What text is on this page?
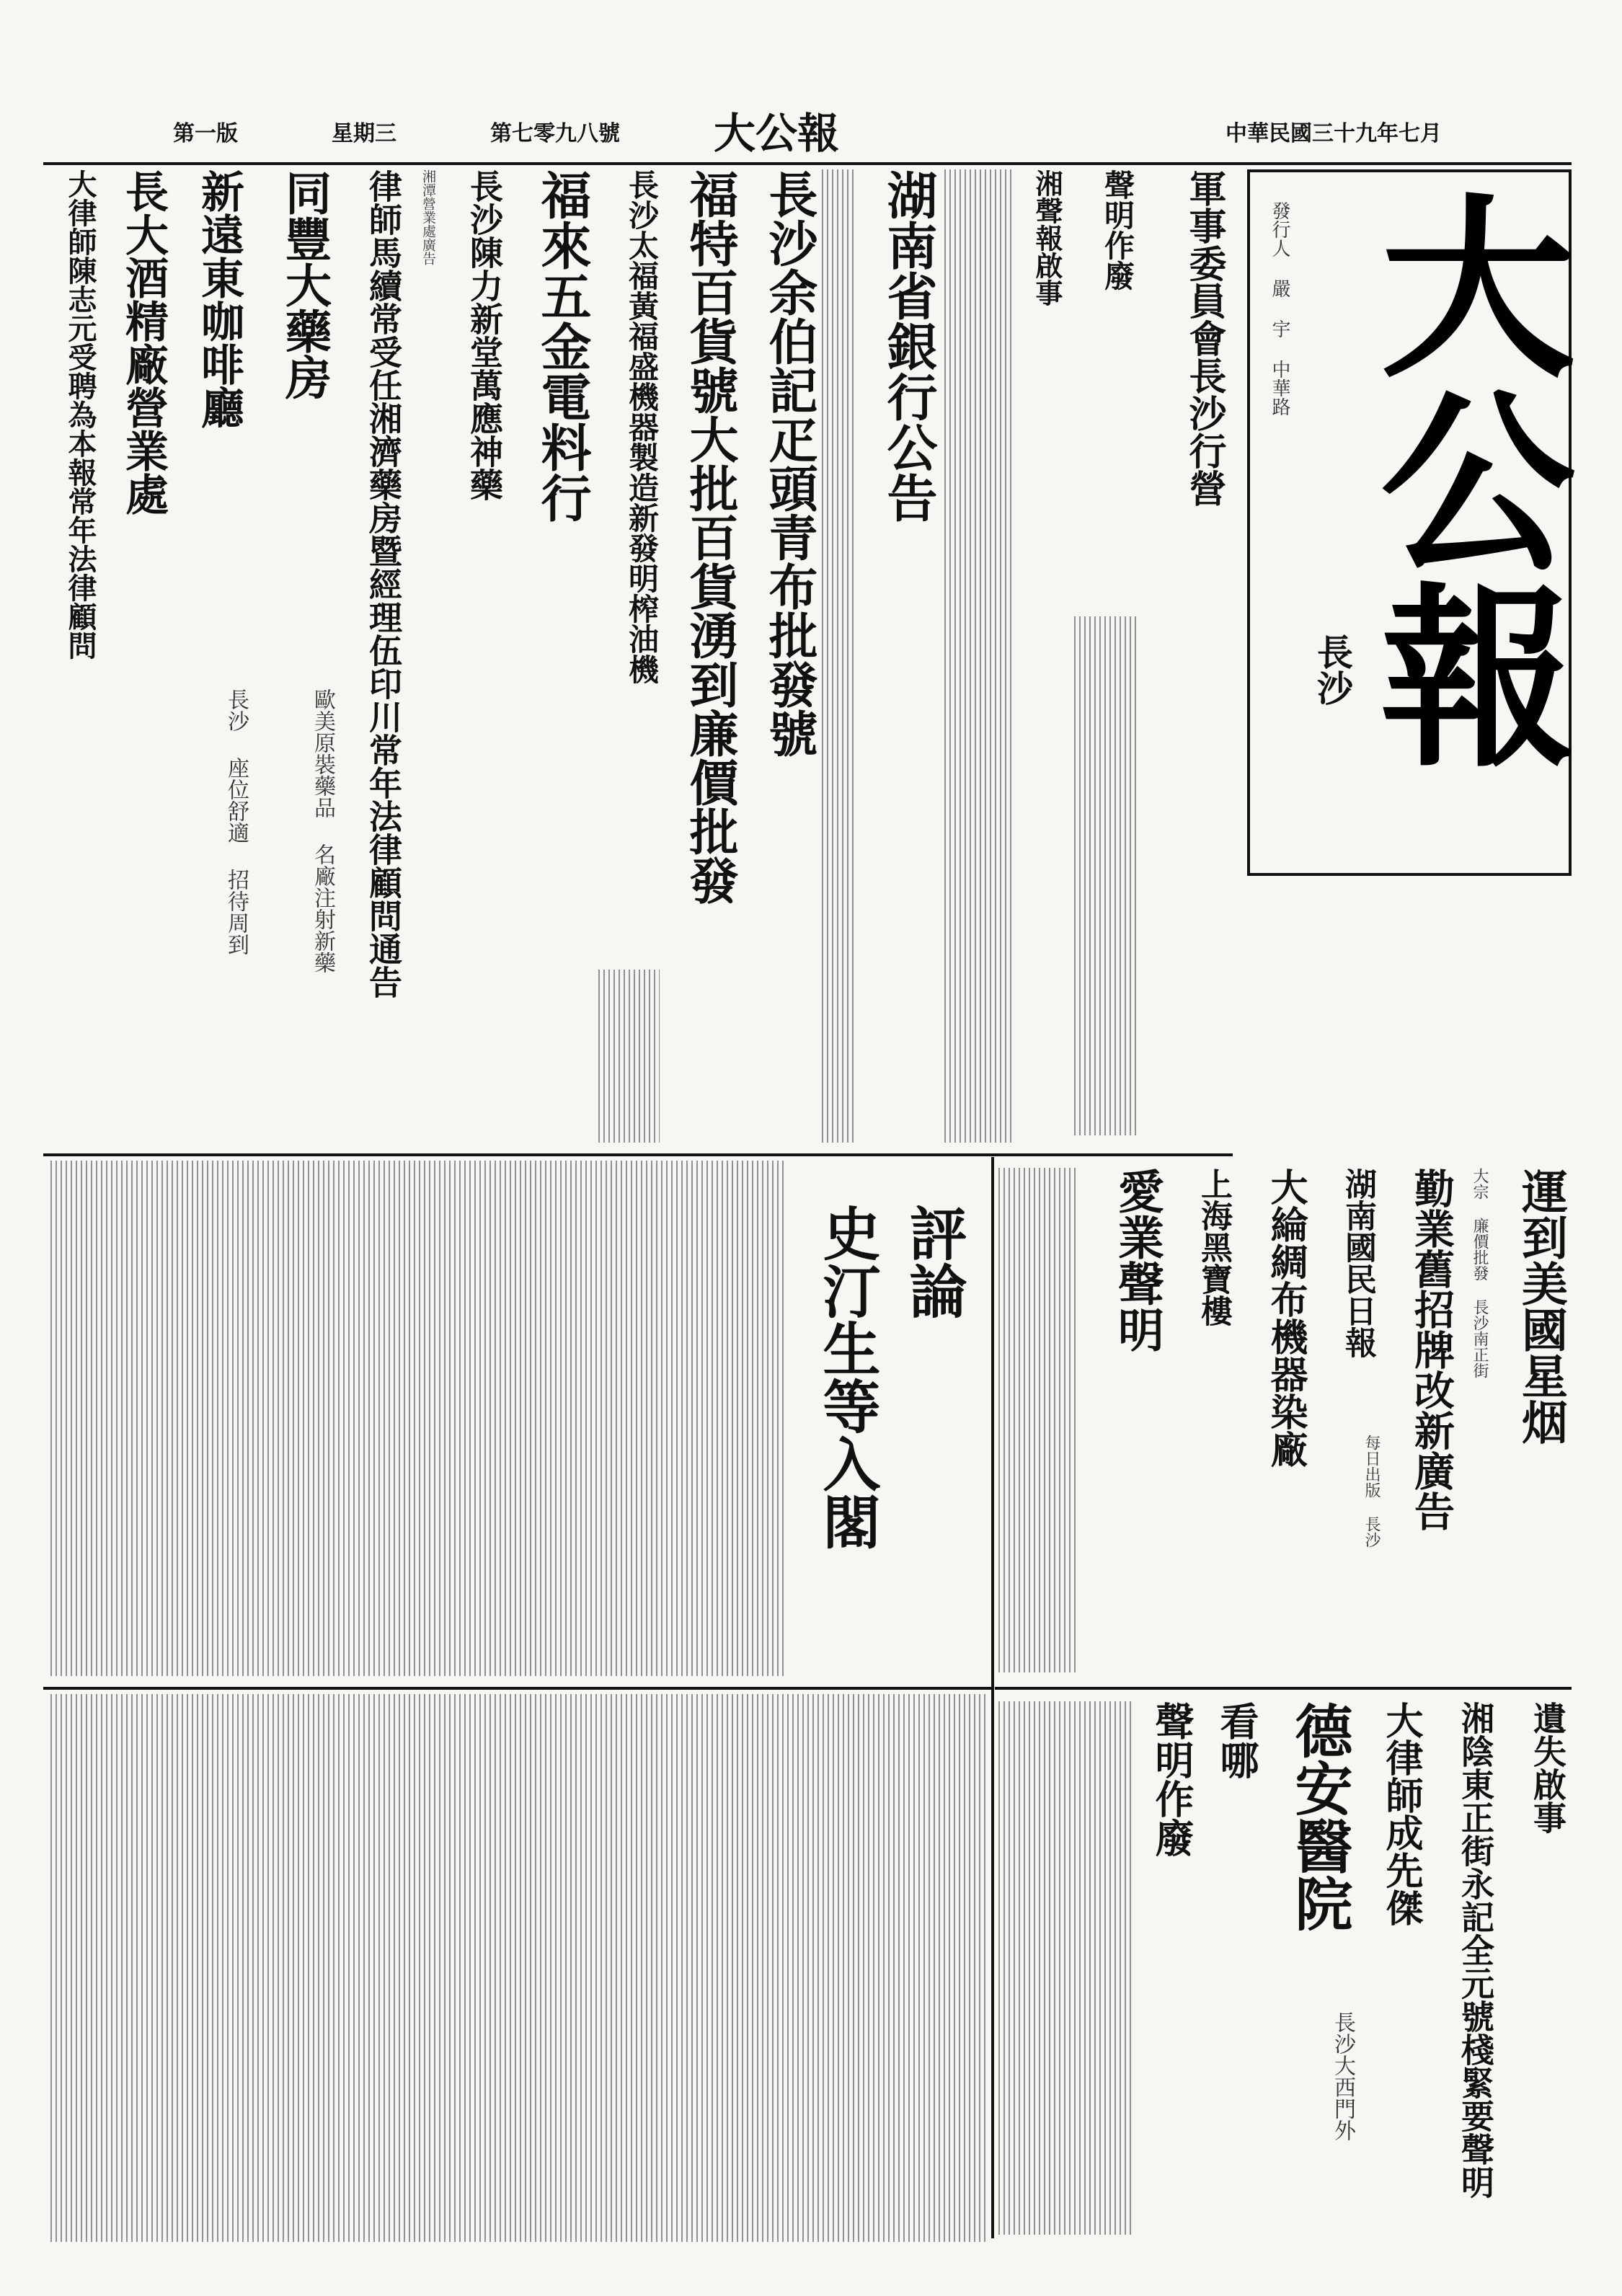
第一版	星期三	第七零九八號 大公報	中華民國三十九年七月
大公報
長沙
發行人 嚴 宇 中華路
軍事委員會長沙行營
聲明作廢
湘聲報啟事
湖南省銀行公告
長沙余伯記疋頭青布批發號
福特百貨號大批百貨湧到廉價批發
長沙太福黃福盛機器製造新發明榨油機
福來五金電料行
長沙陳力新堂萬應神藥
湘潭營業處廣告
律師馬續常受任湘濟藥房暨經理伍印川常年法律顧問通告
同豐大藥房
歐美原裝藥品 名廠注射新藥
新遠東咖啡廳
長沙 座位舒適 招待周到
長大酒精廠營業處
大律師陳志元受聘為本報常年法律顧問
評論
史汀生等入閣	運到美國星烟
大宗 廉價批發 長沙南正街
勤業舊招牌改新廣告
湖南國民日報
每日出版 長沙
大綸綢布機器染廠
上海黑寶樓
愛業聲明
遺失啟事
湘陰東正街永記全元號棧緊要聲明
大律師成先傑
德安醫院
長沙大西門外
看哪
聲明作廢
